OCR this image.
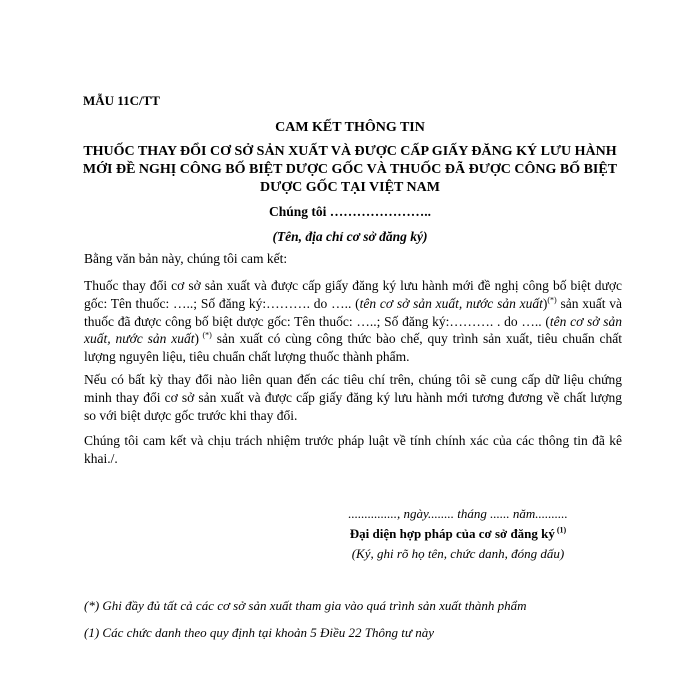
MẪU 11C/TT
CAM KẾT THÔNG TIN
THUỐC THAY ĐỔI CƠ SỞ SẢN XUẤT VÀ ĐƯỢC CẤP GIẤY ĐĂNG KÝ LƯU HÀNH MỚI ĐỀ NGHỊ CÔNG BỐ BIỆT DƯỢC GỐC VÀ THUỐC ĐÃ ĐƯỢC CÔNG BỐ BIỆT DƯỢC GỐC TẠI VIỆT NAM
Chúng tôi …………………..
(Tên, địa chỉ cơ sở đăng ký)
Bằng văn bản này, chúng tôi cam kết:
Thuốc thay đổi cơ sở sản xuất và được cấp giấy đăng ký lưu hành mới đề nghị công bố biệt dược gốc: Tên thuốc: …..; Số đăng ký:………. do ….. (tên cơ sở sản xuất, nước sản xuất)(*) sản xuất và thuốc đã được công bố biệt dược gốc: Tên thuốc: …..; Số đăng ký:………. . do ….. (tên cơ sở sản xuất, nước sản xuất) (*) sản xuất có cùng công thức bào chế, quy trình sản xuất, tiêu chuẩn chất lượng nguyên liệu, tiêu chuẩn chất lượng thuốc thành phẩm.
Nếu có bất kỳ thay đổi nào liên quan đến các tiêu chí trên, chúng tôi sẽ cung cấp dữ liệu chứng minh thay đổi cơ sở sản xuất và được cấp giấy đăng ký lưu hành mới tương đương về chất lượng so với biệt dược gốc trước khi thay đổi.
Chúng tôi cam kết và chịu trách nhiệm trước pháp luật về tính chính xác của các thông tin đã kê khai./.
..............., ngày........ tháng ...... năm..........
Đại diện hợp pháp của cơ sở đăng ký $^{(1)}$
(Ký, ghi rõ họ tên, chức danh, đóng dấu)
(*) Ghi đầy đủ tất cả các cơ sở sản xuất tham gia vào quá trình sản xuất thành phẩm
(1) Các chức danh theo quy định tại khoản 5 Điều 22 Thông tư này
